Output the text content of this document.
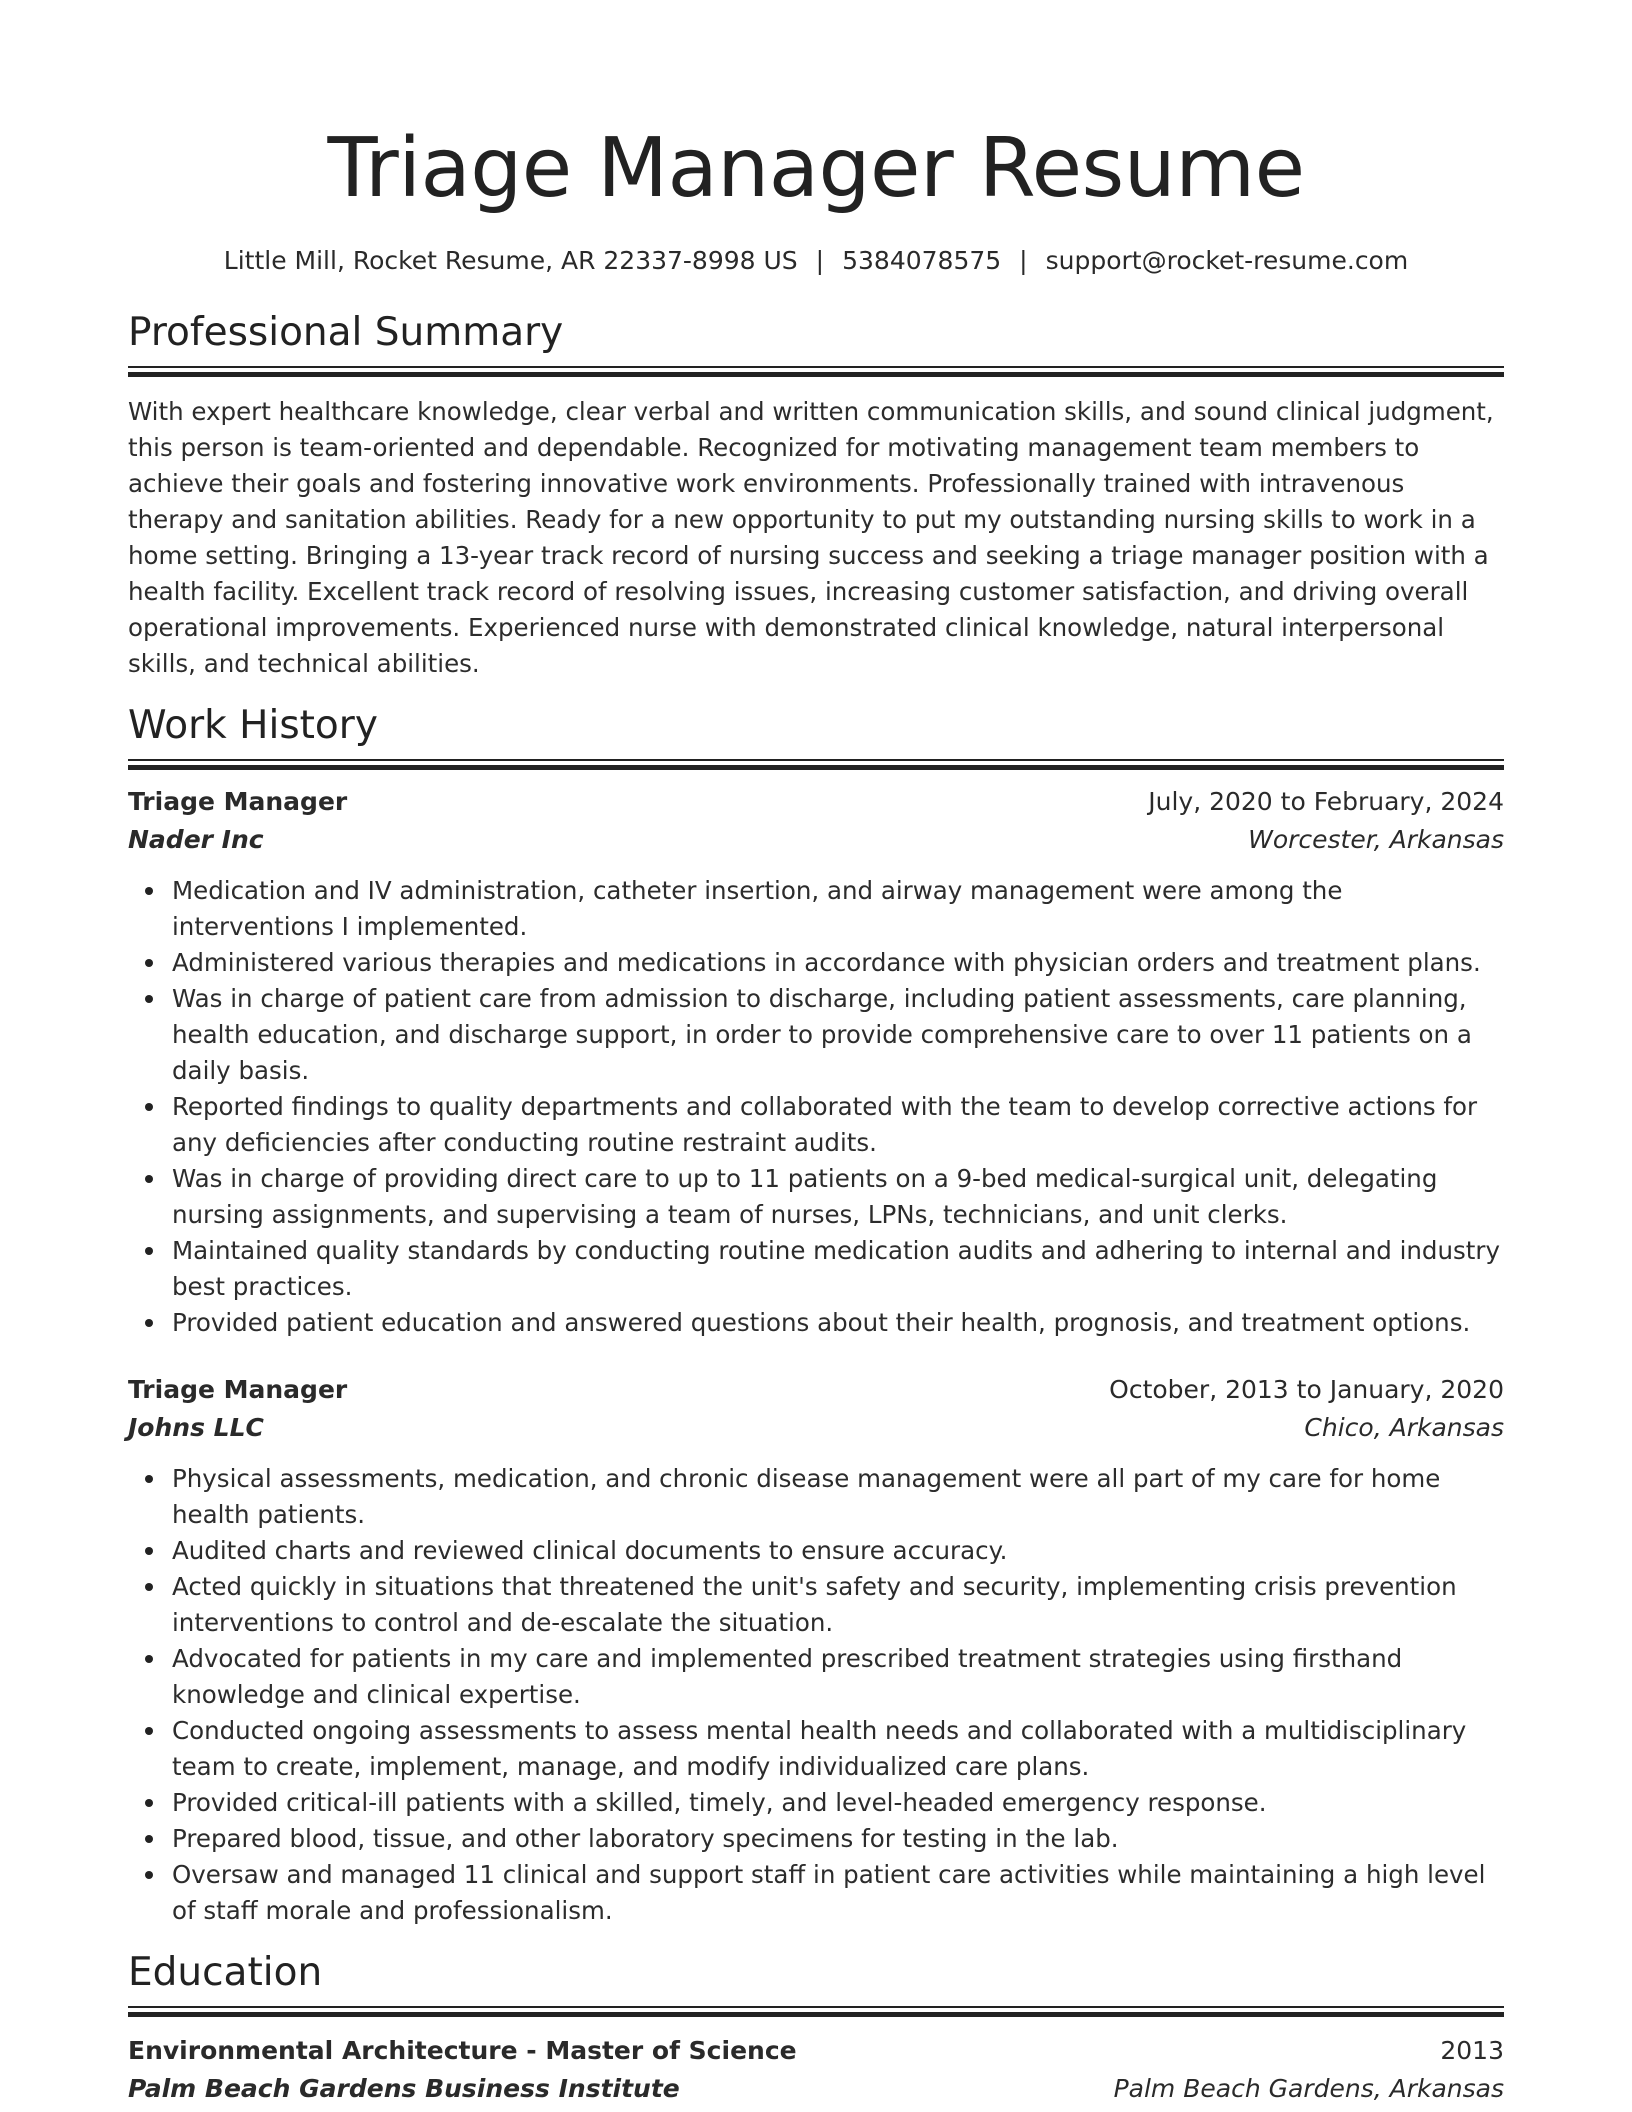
Triage Manager Resume
Little Mill, Rocket Resume, AR 22337-8998 US | 5384078575 | support@rocket-resume.com
Professional Summary

With expert healthcare knowledge, clear verbal and written communication skills, and sound clinical judgment, this person is team-oriented and dependable. Recognized for motivating management team members to achieve their goals and fostering innovative work environments. Professionally trained with intravenous therapy and sanitation abilities. Ready for a new opportunity to put my outstanding nursing skills to work in a home setting. Bringing a 13-year track record of nursing success and seeking a triage manager position with a health facility. Excellent track record of resolving issues, increasing customer satisfaction, and driving overall operational improvements. Experienced nurse with demonstrated clinical knowledge, natural interpersonal skills, and technical abilities.

Work History
Triage Manager	July, 2020 to February, 2024
Nader Inc	Worcester, Arkansas
Medication and IV administration, catheter insertion, and airway management were among the interventions I implemented.
Administered various therapies and medications in accordance with physician orders and treatment plans.
Was in charge of patient care from admission to discharge, including patient assessments, care planning, health education, and discharge support, in order to provide comprehensive care to over 11 patients on a daily basis.
Reported findings to quality departments and collaborated with the team to develop corrective actions for any deficiencies after conducting routine restraint audits.
Was in charge of providing direct care to up to 11 patients on a 9-bed medical-surgical unit, delegating nursing assignments, and supervising a team of nurses, LPNs, technicians, and unit clerks.
Maintained quality standards by conducting routine medication audits and adhering to internal and industry best practices.
Provided patient education and answered questions about their health, prognosis, and treatment options.
Triage Manager	October, 2013 to January, 2020
Johns LLC	Chico, Arkansas
Physical assessments, medication, and chronic disease management were all part of my care for home health patients.
Audited charts and reviewed clinical documents to ensure accuracy.
Acted quickly in situations that threatened the unit's safety and security, implementing crisis prevention interventions to control and de-escalate the situation.
Advocated for patients in my care and implemented prescribed treatment strategies using firsthand knowledge and clinical expertise.
Conducted ongoing assessments to assess mental health needs and collaborated with a multidisciplinary team to create, implement, manage, and modify individualized care plans.
Provided critical-ill patients with a skilled, timely, and level-headed emergency response.
Prepared blood, tissue, and other laboratory specimens for testing in the lab.
Oversaw and managed 11 clinical and support staff in patient care activities while maintaining a high level of staff morale and professionalism.
Education
Environmental Architecture - Master of Science	2013
Palm Beach Gardens Business Institute	Palm Beach Gardens, Arkansas
